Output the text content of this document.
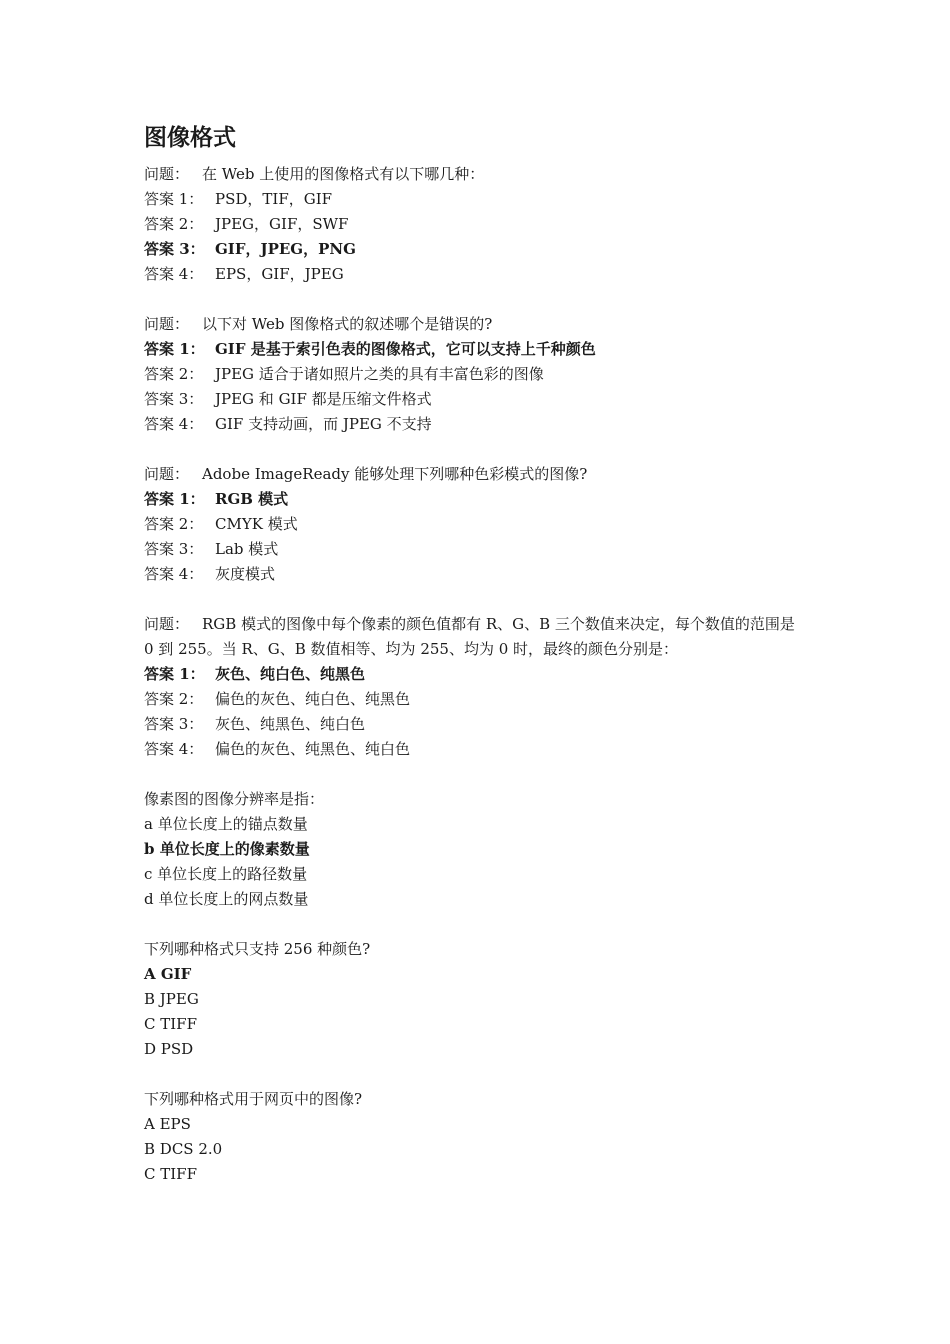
图像格式
问题： 在 Web 上使用的图像格式有以下哪几种：
答案 1： PSD，TIF，GIF
答案 2： JPEG，GIF，SWF
答案 3： GIF，JPEG，PNG
答案 4： EPS，GIF，JPEG
问题： 以下对 Web 图像格式的叙述哪个是错误的?
答案 1： GIF 是基于索引色表的图像格式，它可以支持上千种颜色
答案 2： JPEG 适合于诸如照片之类的具有丰富色彩的图像
答案 3： JPEG 和 GIF 都是压缩文件格式
答案 4： GIF 支持动画，而 JPEG 不支持
问题： Adobe ImageReady 能够处理下列哪种色彩模式的图像?
答案 1： RGB 模式
答案 2： CMYK 模式
答案 3： Lab 模式
答案 4： 灰度模式
问题： RGB 模式的图像中每个像素的颜色值都有 R、G、B 三个数值来决定，每个数值的范围是
0 到 255。当 R、G、B 数值相等、均为 255、均为 0 时，最终的颜色分别是：
答案 1： 灰色、纯白色、纯黑色
答案 2： 偏色的灰色、纯白色、纯黑色
答案 3： 灰色、纯黑色、纯白色
答案 4： 偏色的灰色、纯黑色、纯白色
像素图的图像分辨率是指：
a 单位长度上的锚点数量
b 单位长度上的像素数量
c 单位长度上的路径数量
d 单位长度上的网点数量
下列哪种格式只支持 256 种颜色?
A GIF
B JPEG
C TIFF
D PSD
下列哪种格式用于网页中的图像?
A EPS
B DCS 2.0
C TIFF
